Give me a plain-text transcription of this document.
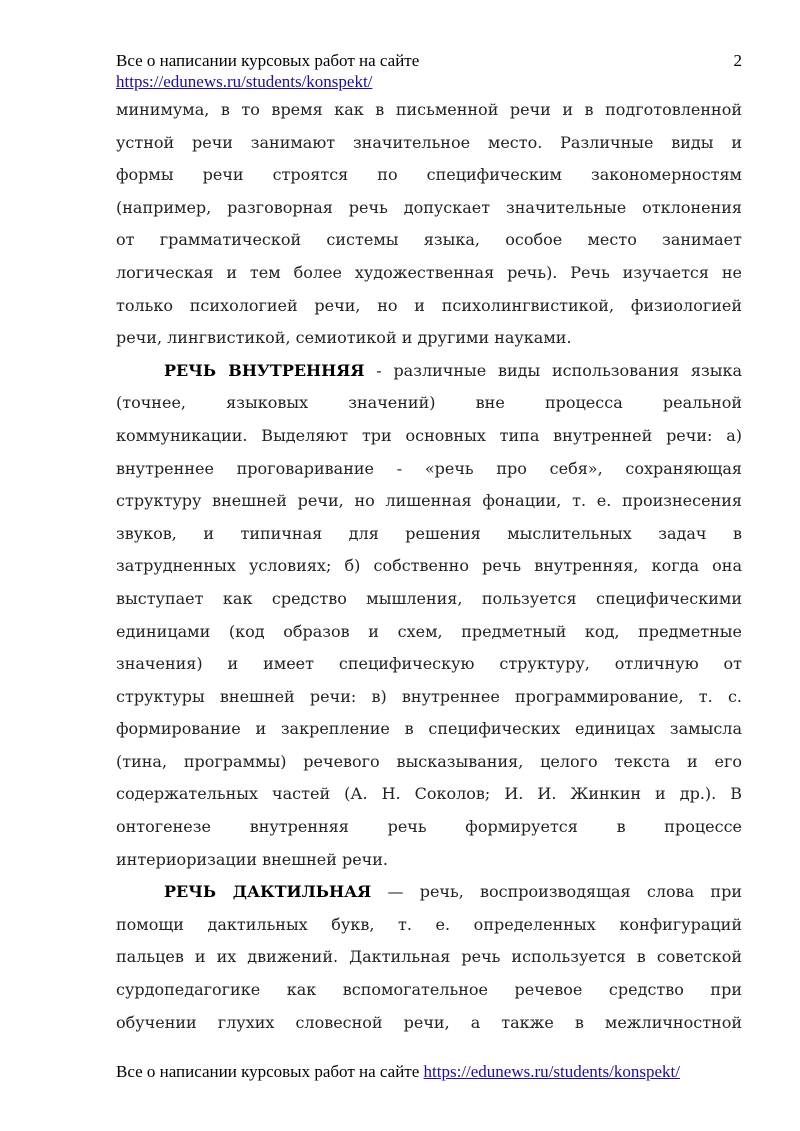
Все о написании курсовых работ на сайте
https://edunews.ru/students/konspekt/
2
минимума, в то время как в письменной речи и в подготовленной
устной речи занимают значительное место. Различные виды и
формы речи строятся по специфическим закономерностям
(например, разговорная речь допускает значительные отклонения
от грамматической системы языка, особое место занимает
логическая и тем более художественная речь). Речь изучается не
только психологией речи, но и психолингвистикой, физиологией
речи, лингвистикой, семиотикой и другими науками.
РЕЧЬ ВНУТРЕННЯЯ - различные виды использования языка
(точнее, языковых значений) вне процесса реальной
коммуникации. Выделяют три основных типа внутренней речи: а)
внутреннее проговаривание - «речь про себя», сохраняющая
структуру внешней речи, но лишенная фонации, т. е. произнесения
звуков, и типичная для решения мыслительных задач в
затрудненных условиях; б) собственно речь внутренняя, когда она
выступает как средство мышления, пользуется специфическими
единицами (код образов и схем, предметный код, предметные
значения) и имеет специфическую структуру, отличную от
структуры внешней речи: в) внутреннее программирование, т. с.
формирование и закрепление в специфических единицах замысла
(тина, программы) речевого высказывания, целого текста и его
содержательных частей (А. Н. Соколов; И. И. Жинкин и др.). В
онтогенезе внутренняя речь формируется в процессе
интериоризации внешней речи.
РЕЧЬ ДАКТИЛЬНАЯ — речь, воспроизводящая слова при
помощи дактильных букв, т. е. определенных конфигураций
пальцев и их движений. Дактильная речь используется в советской
сурдопедагогике как вспомогательное речевое средство при
обучении глухих словесной речи, а также в межличностной
Все о написании курсовых работ на сайте https://edunews.ru/students/konspekt/
